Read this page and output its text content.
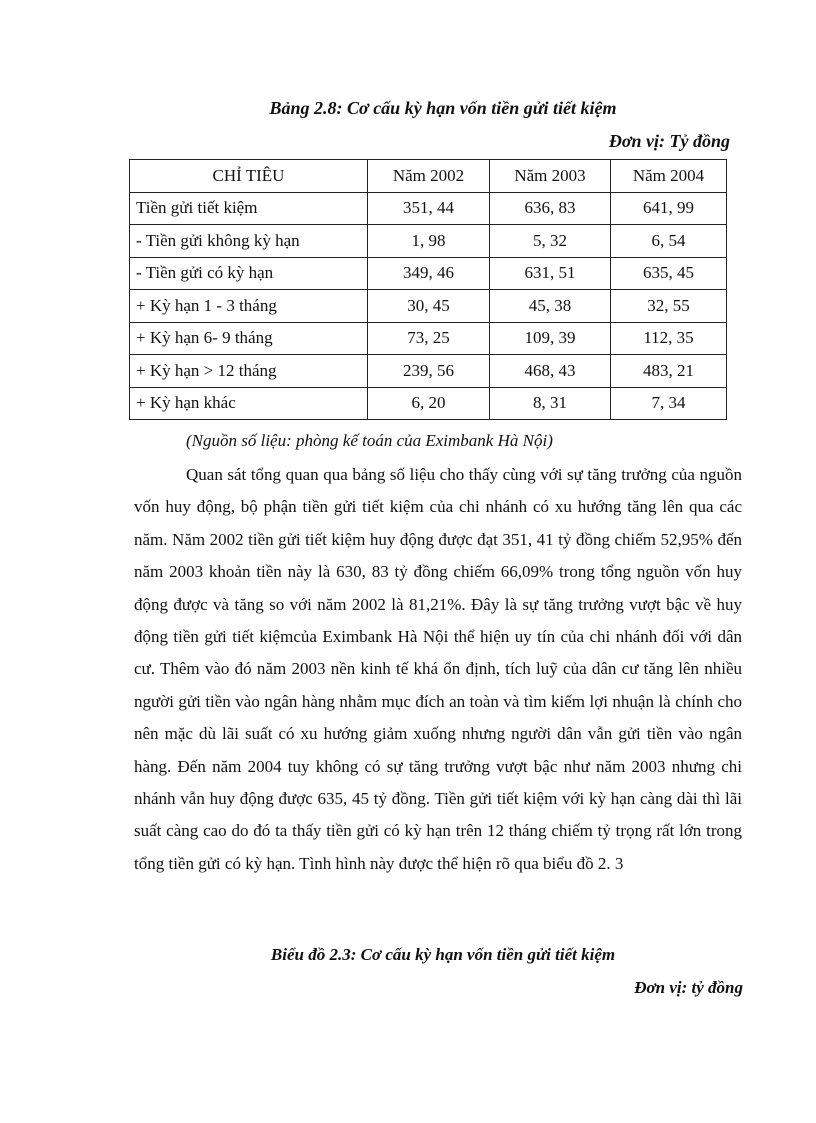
Bảng 2.8: Cơ cấu kỳ hạn vốn tiền gửi tiết kiệm
Đơn vị: Tỷ đồng
CHỈ TIÊU	Năm 2002	Năm 2003	Năm 2004
Tiền gửi tiết kiệm	351, 44	636, 83	641, 99
- Tiền gửi không kỳ hạn	1, 98	5, 32	6, 54
- Tiền gửi có kỳ hạn	349, 46	631, 51	635, 45
+ Kỳ hạn 1 - 3 tháng	30, 45	45, 38	32, 55
+ Kỳ hạn 6- 9 tháng	73, 25	109, 39	112, 35
+ Kỳ hạn > 12 tháng	239, 56	468, 43	483, 21
+ Kỳ hạn khác	6, 20	8, 31	7, 34
(Nguồn số liệu: phòng kế toán của Eximbank Hà Nội)

Quan sát tổng quan qua bảng số liệu cho thấy cùng với sự tăng trưởng của nguồn vốn huy động, bộ phận tiền gửi tiết kiệm của chi nhánh có xu hướng tăng lên qua các năm. Năm 2002 tiền gửi tiết kiệm huy động được đạt 351, 41 tỷ đồng chiếm 52,95% đến năm 2003 khoản tiền này là 630, 83 tỷ đồng chiếm 66,09% trong tổng nguồn vốn huy động được và tăng so với năm 2002 là 81,21%. Đây là sự tăng trưởng vượt bậc về huy động tiền gửi tiết kiệmcủa Eximbank Hà Nội thể hiện uy tín của chi nhánh đối với dân cư. Thêm vào đó năm 2003 nền kinh tế khá ổn định, tích luỹ của dân cư tăng lên nhiều người gửi tiền vào ngân hàng nhằm mục đích an toàn và tìm kiếm lợi nhuận là chính cho nên mặc dù lãi suất có xu hướng giảm xuống nhưng người dân vẫn gửi tiền vào ngân hàng. Đến năm 2004 tuy không có sự tăng trưởng vượt bậc như năm 2003 nhưng chi nhánh vẫn huy động được 635, 45 tỷ đồng. Tiền gửi tiết kiệm với kỳ hạn càng dài thì lãi suất càng cao do đó ta thấy tiền gửi có kỳ hạn trên 12 tháng chiếm tỷ trọng rất lớn trong tổng tiền gửi có kỳ hạn. Tình hình này được thể hiện rõ qua biểu đồ 2. 3

Biểu đồ 2.3: Cơ cấu kỳ hạn vốn tiền gửi tiết kiệm
Đơn vị: tỷ đồng
